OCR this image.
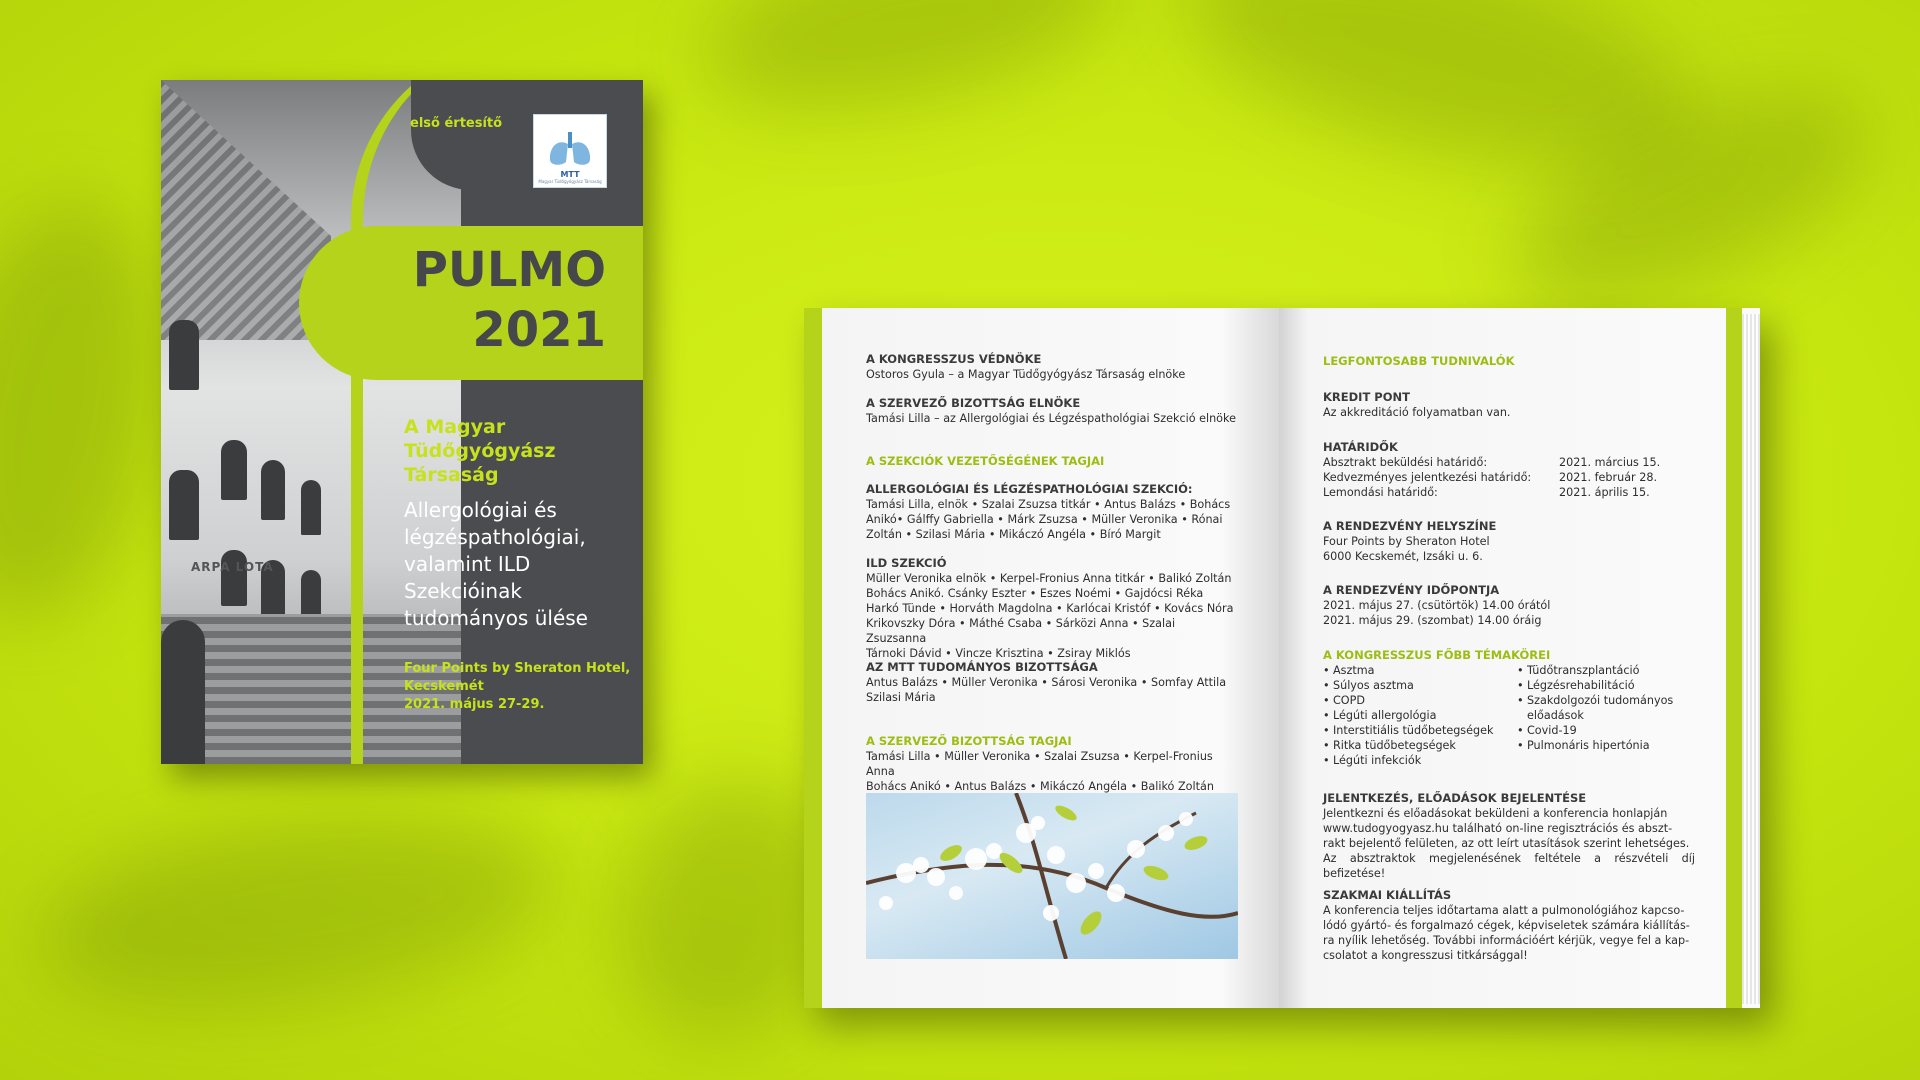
ARPA LOTA
első értesítő
MTT
Magyar Tüdőgyógyász Társaság
PULMO
2021
A Magyar
Tüdőgyógyász
Társaság
Allergológiai és
légzéspathológiai,
valamint ILD
Szekcióinak
tudományos ülése
Four Points by Sheraton Hotel,
Kecskemét
2021. május 27-29.
A KONGRESSZUS VÉDNÖKE
Ostoros Gyula – a Magyar Tüdőgyógyász Társaság elnöke
A SZERVEZŐ BIZOTTSÁG ELNÖKE
Tamási Lilla – az Allergológiai és Légzéspathológiai Szekció elnöke
A SZEKCIÓK VEZETŐSÉGÉNEK TAGJAI
ALLERGOLÓGIAI ÉS LÉGZÉSPATHOLÓGIAI SZEKCIÓ:
Tamási Lilla, elnök • Szalai Zsuzsa titkár • Antus Balázs • Bohács
Anikó• Gálffy Gabriella • Márk Zsuzsa • Müller Veronika • Rónai
Zoltán • Szilasi Mária • Mikáczó Angéla • Bíró Margit
ILD SZEKCIÓ
Müller Veronika elnök • Kerpel-Fronius Anna titkár • Balikó Zoltán
Bohács Anikó. Csánky Eszter • Eszes Noémi • Gajdócsi Réka
Harkó Tünde • Horváth Magdolna • Karlócai Kristóf • Kovács Nóra
Krikovszky Dóra • Máthé Csaba • Sárközi Anna • Szalai Zsuzsanna
Tárnoki Dávid • Vincze Krisztina • Zsiray Miklós
AZ MTT TUDOMÁNYOS BIZOTTSÁGA
Antus Balázs • Müller Veronika • Sárosi Veronika • Somfay Attila
Szilasi Mária
A SZERVEZŐ BIZOTTSÁG TAGJAI
Tamási Lilla • Müller Veronika • Szalai Zsuzsa • Kerpel-Fronius Anna
Bohács Anikó • Antus Balázs • Mikáczó Angéla • Balikó Zoltán
LEGFONTOSABB TUDNIVALÓK
KREDIT PONT
Az akkreditáció folyamatban van.
HATÁRIDŐK
Absztrakt beküldési határidő:	2021. március 15.
Kedvezményes jelentkezési határidő:	2021. február 28.
Lemondási határidő:	2021. április 15.
A RENDEZVÉNY HELYSZÍNE
Four Points by Sheraton Hotel
6000 Kecskemét, Izsáki u. 6.
A RENDEZVÉNY IDŐPONTJA
2021. május 27. (csütörtök) 14.00 órától
2021. május 29. (szombat) 14.00 óráig
A KONGRESSZUS FŐBB TÉMAKÖREI
• Asztma	• Tüdőtranszplantáció
• Súlyos asztma	• Légzésrehabilitáció
• COPD	• Szakdolgozói tudományos
• Légúti allergológia	előadások
• Interstitiális tüdőbetegségek	• Covid-19
• Ritka tüdőbetegségek	• Pulmonáris hipertónia
• Légúti infekciók
JELENTKEZÉS, ELŐADÁSOK BEJELENTÉSE
Jelentkezni és előadásokat beküldeni a konferencia honlapján
www.tudogyogyasz.hu található on-line regisztrációs és abszt-
rakt bejelentő felületen, az ott leírt utasítások szerint lehetséges.
Az absztraktok megjelenésének feltétele a részvételi díj befizetése!
SZAKMAI KIÁLLÍTÁS
A konferencia teljes időtartama alatt a pulmonológiához kapcso-
lódó gyártó- és forgalmazó cégek, képviseletek számára kiállítás-
ra nyílik lehetőség. További információért kérjük, vegye fel a kap-
csolatot a kongresszusi titkársággal!
